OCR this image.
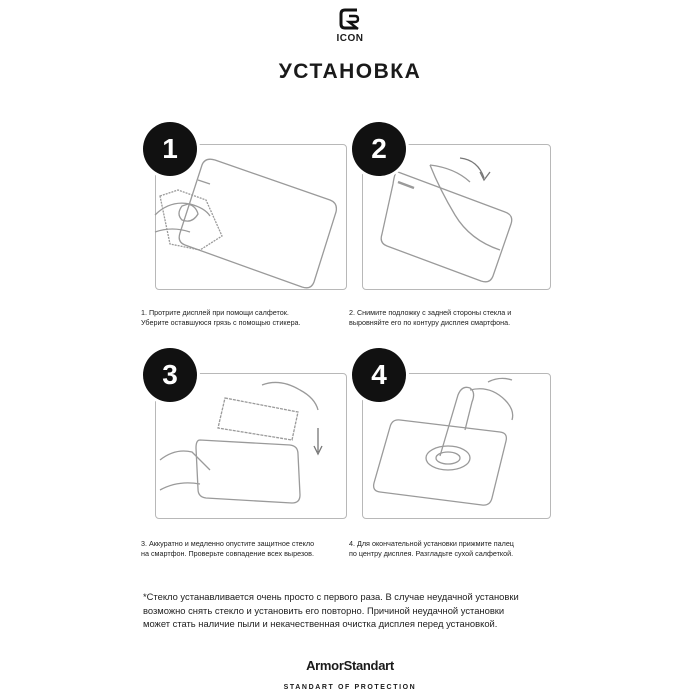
ICON
УСТАНОВКА
1
1. Протрите дисплей при помощи салфеток.
Уберите оставшуюся грязь с помощью стикера.
2
2. Снимите подложку с задней стороны стекла и
выровняйте его по контуру дисплея смартфона.
3
3. Аккуратно и медленно опустите защитное стекло
на смартфон. Проверьте совпадение всех вырезов.
4
4. Для окончательной установки прижмите палец
по центру дисплея. Разгладьте сухой салфеткой.
*Стекло устанавливается очень просто с первого раза. В случае неудачной установки
возможно снять стекло и установить его повторно. Причиной неудачной установки
может стать наличие пыли и некачественная очистка дисплея перед установкой.
ArmorStandart
STANDART OF PROTECTION
